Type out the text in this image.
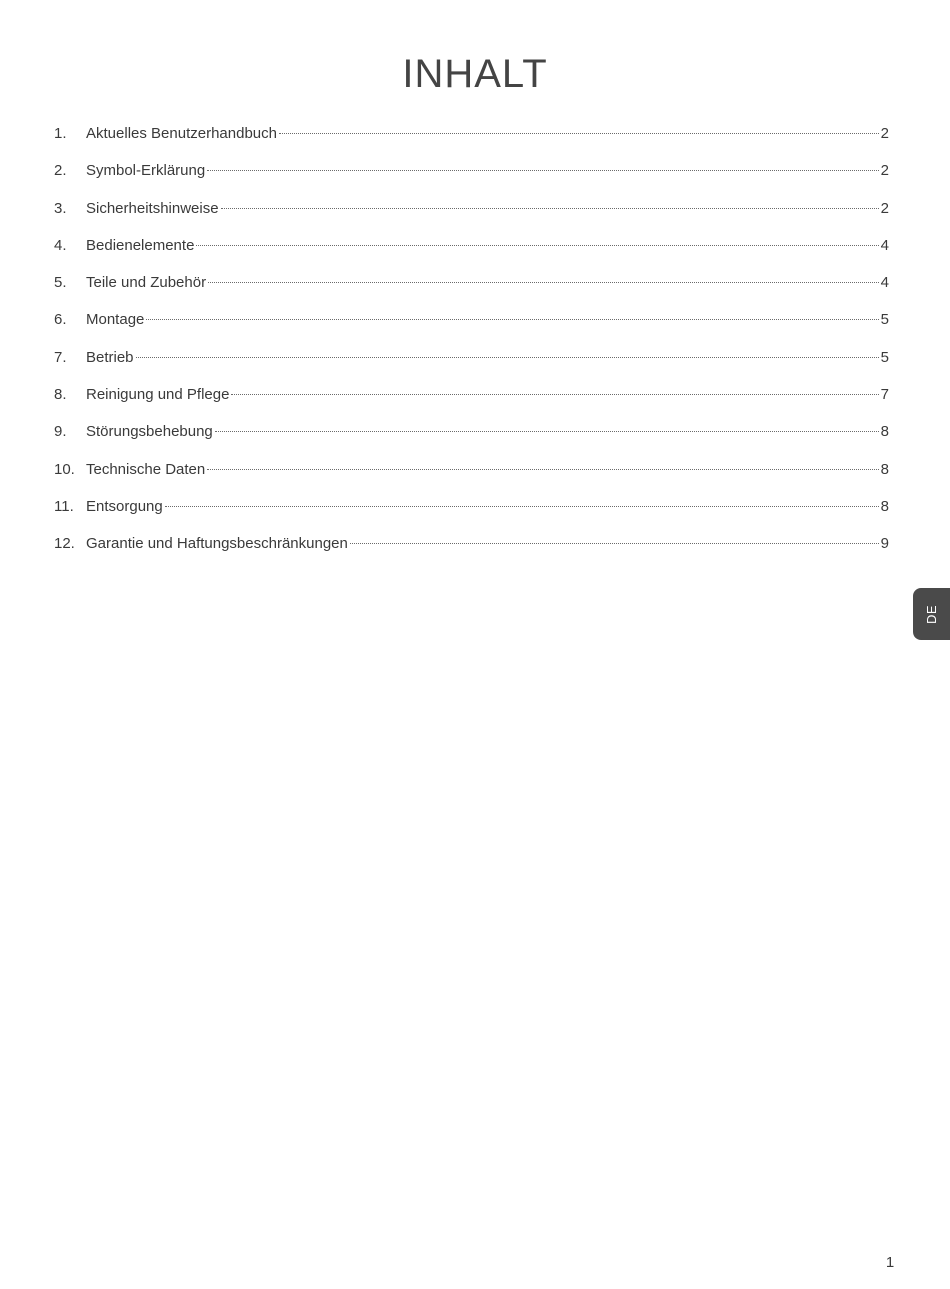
INHALT
1.	Aktuelles Benutzerhandbuch	2
2.	Symbol-Erklärung	2
3.	Sicherheitshinweise	2
4.	Bedienelemente	4
5.	Teile und Zubehör	4
6.	Montage	5
7.	Betrieb	5
8.	Reinigung und Pflege	7
9.	Störungsbehebung	8
10. Technische Daten	8
11. Entsorgung	8
12. Garantie und Haftungsbeschränkungen	9
DE
1
